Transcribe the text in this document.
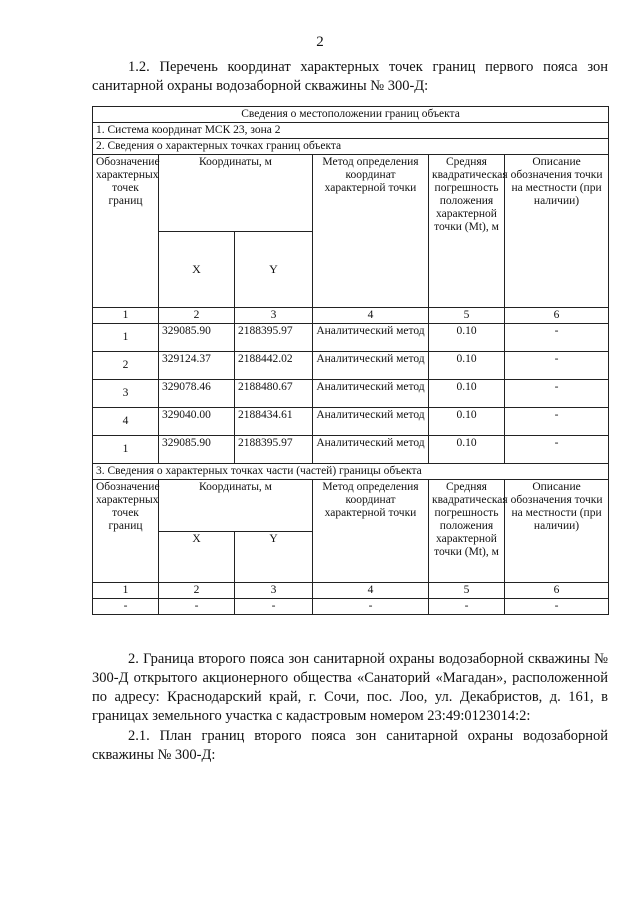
2
1.2. Перечень координат характерных точек границ первого пояса зон санитарной охраны водозаборной скважины № 300-Д:
Сведения о местоположении границ объекта					
1. Система координат МСК 23, зона 2					
2. Сведения о характерных точках границ объекта					
Обозначение характерных точек границ	Координаты, м		Метод определения координат характерной точки	Средняя квадратическая погрешность положения характерной точки (Mt), м	Описание обозначения точки на местности (при наличии)
	X	Y			
1	2	3	4	5	6
1	329085.90	2188395.97	Аналитический метод	0.10	-
2	329124.37	2188442.02	Аналитический метод	0.10	-
3	329078.46	2188480.67	Аналитический метод	0.10	-
4	329040.00	2188434.61	Аналитический метод	0.10	-
1	329085.90	2188395.97	Аналитический метод	0.10	-
3. Сведения о характерных точках части (частей) границы объекта					
Обозначение характерных точек границ	Координаты, м		Метод определения координат характерной точки	Средняя квадратическая погрешность положения характерной точки (Mt), м	Описание обозначения точки на местности (при наличии)
	X	Y			
1	2	3	4	5	6
-	-	-	-	-	-
2. Граница второго пояса зон санитарной охраны водозаборной скважины № 300-Д открытого акционерного общества «Санаторий «Магадан», расположенной по адресу: Краснодарский край, г. Сочи, пос. Лоо, ул. Декабристов, д. 161, в границах земельного участка с кадастровым номером 23:49:0123014:2:
2.1. План границ второго пояса зон санитарной охраны водозаборной скважины № 300-Д:
